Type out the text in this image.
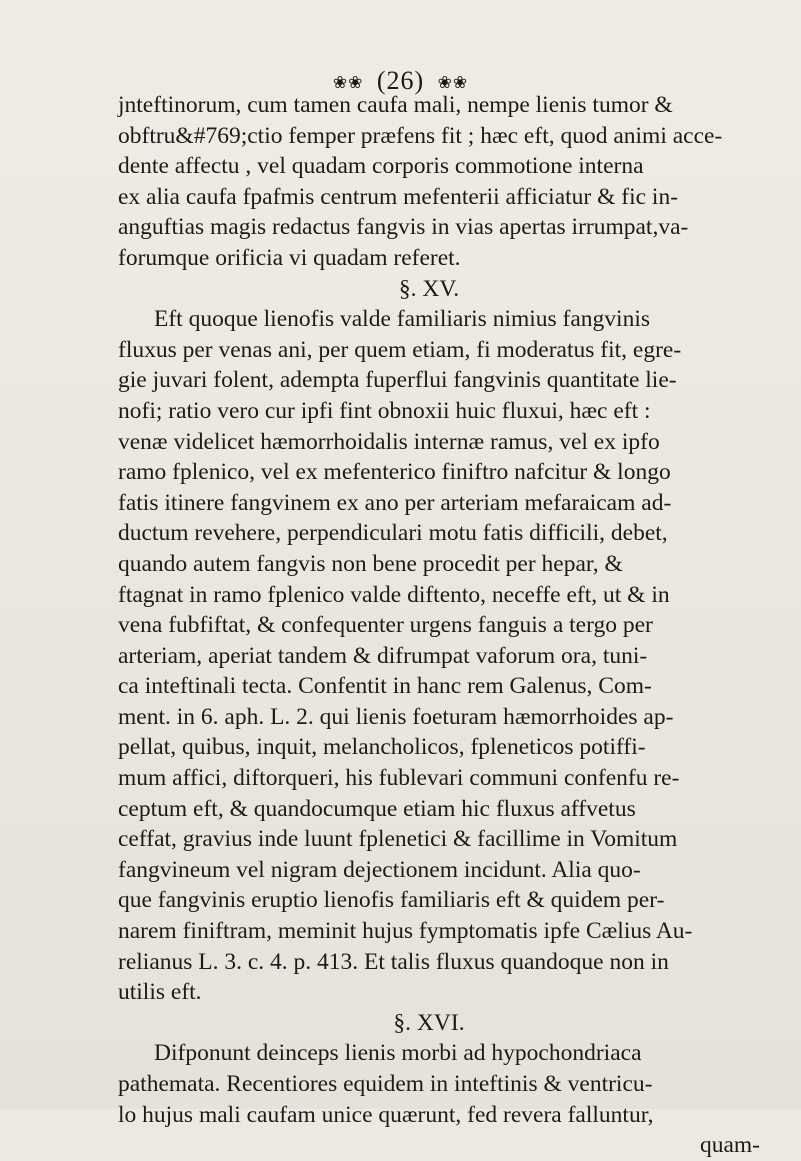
❀❀ (26) ❀❀
jnteftinorum, cum tamen caufa mali, nempe lienis tumor &
obftru&#769;ctio femper præfens fit ; hæc eft, quod animi acce-
dente affectu , vel quadam corporis commotione interna
ex alia caufa fpafmis centrum mefenterii afficiatur & fic in-
anguftias magis redactus fangvis in vias apertas irrumpat,va-
forumque orificia vi quadam referet.
§. XV.
Eft quoque lienofis valde familiaris nimius fangvinis
fluxus per venas ani, per quem etiam, fi moderatus fit, egre-
gie juvari folent, adempta fuperflui fangvinis quantitate lie-
nofi; ratio vero cur ipfi fint obnoxii huic fluxui, hæc eft :
venæ videlicet hæmorrhoidalis internæ ramus, vel ex ipfo
ramo fplenico, vel ex mefenterico finiftro nafcitur & longo
fatis itinere fangvinem ex ano per arteriam mefaraicam ad-
ductum revehere, perpendiculari motu fatis difficili, debet,
quando autem fangvis non bene procedit per hepar, &
ftagnat in ramo fplenico valde diftento, neceffe eft, ut & in
vena fubfiftat, & confequenter urgens fanguis a tergo per
arteriam, aperiat tandem & difrumpat vaforum ora, tuni-
ca inteftinali tecta. Confentit in hanc rem Galenus, Com-
ment. in 6. aph. L. 2. qui lienis foeturam hæmorrhoides ap-
pellat, quibus, inquit, melancholicos, fpleneticos potiffi-
mum affici, diftorqueri, his fublevari communi confenfu re-
ceptum eft, & quandocumque etiam hic fluxus affvetus
ceffat, gravius inde luunt fplenetici & facillime in Vomitum
fangvineum vel nigram dejectionem incidunt. Alia quo-
que fangvinis eruptio lienofis familiaris eft & quidem per-
narem finiftram, meminit hujus fymptomatis ipfe Cælius Au-
relianus L. 3. c. 4. p. 413. Et talis fluxus quandoque non in
utilis eft.
§. XVI.
Difponunt deinceps lienis morbi ad hypochondriaca
pathemata. Recentiores equidem in inteftinis & ventricu-
lo hujus mali caufam unice quærunt, fed revera falluntur,
quam-
